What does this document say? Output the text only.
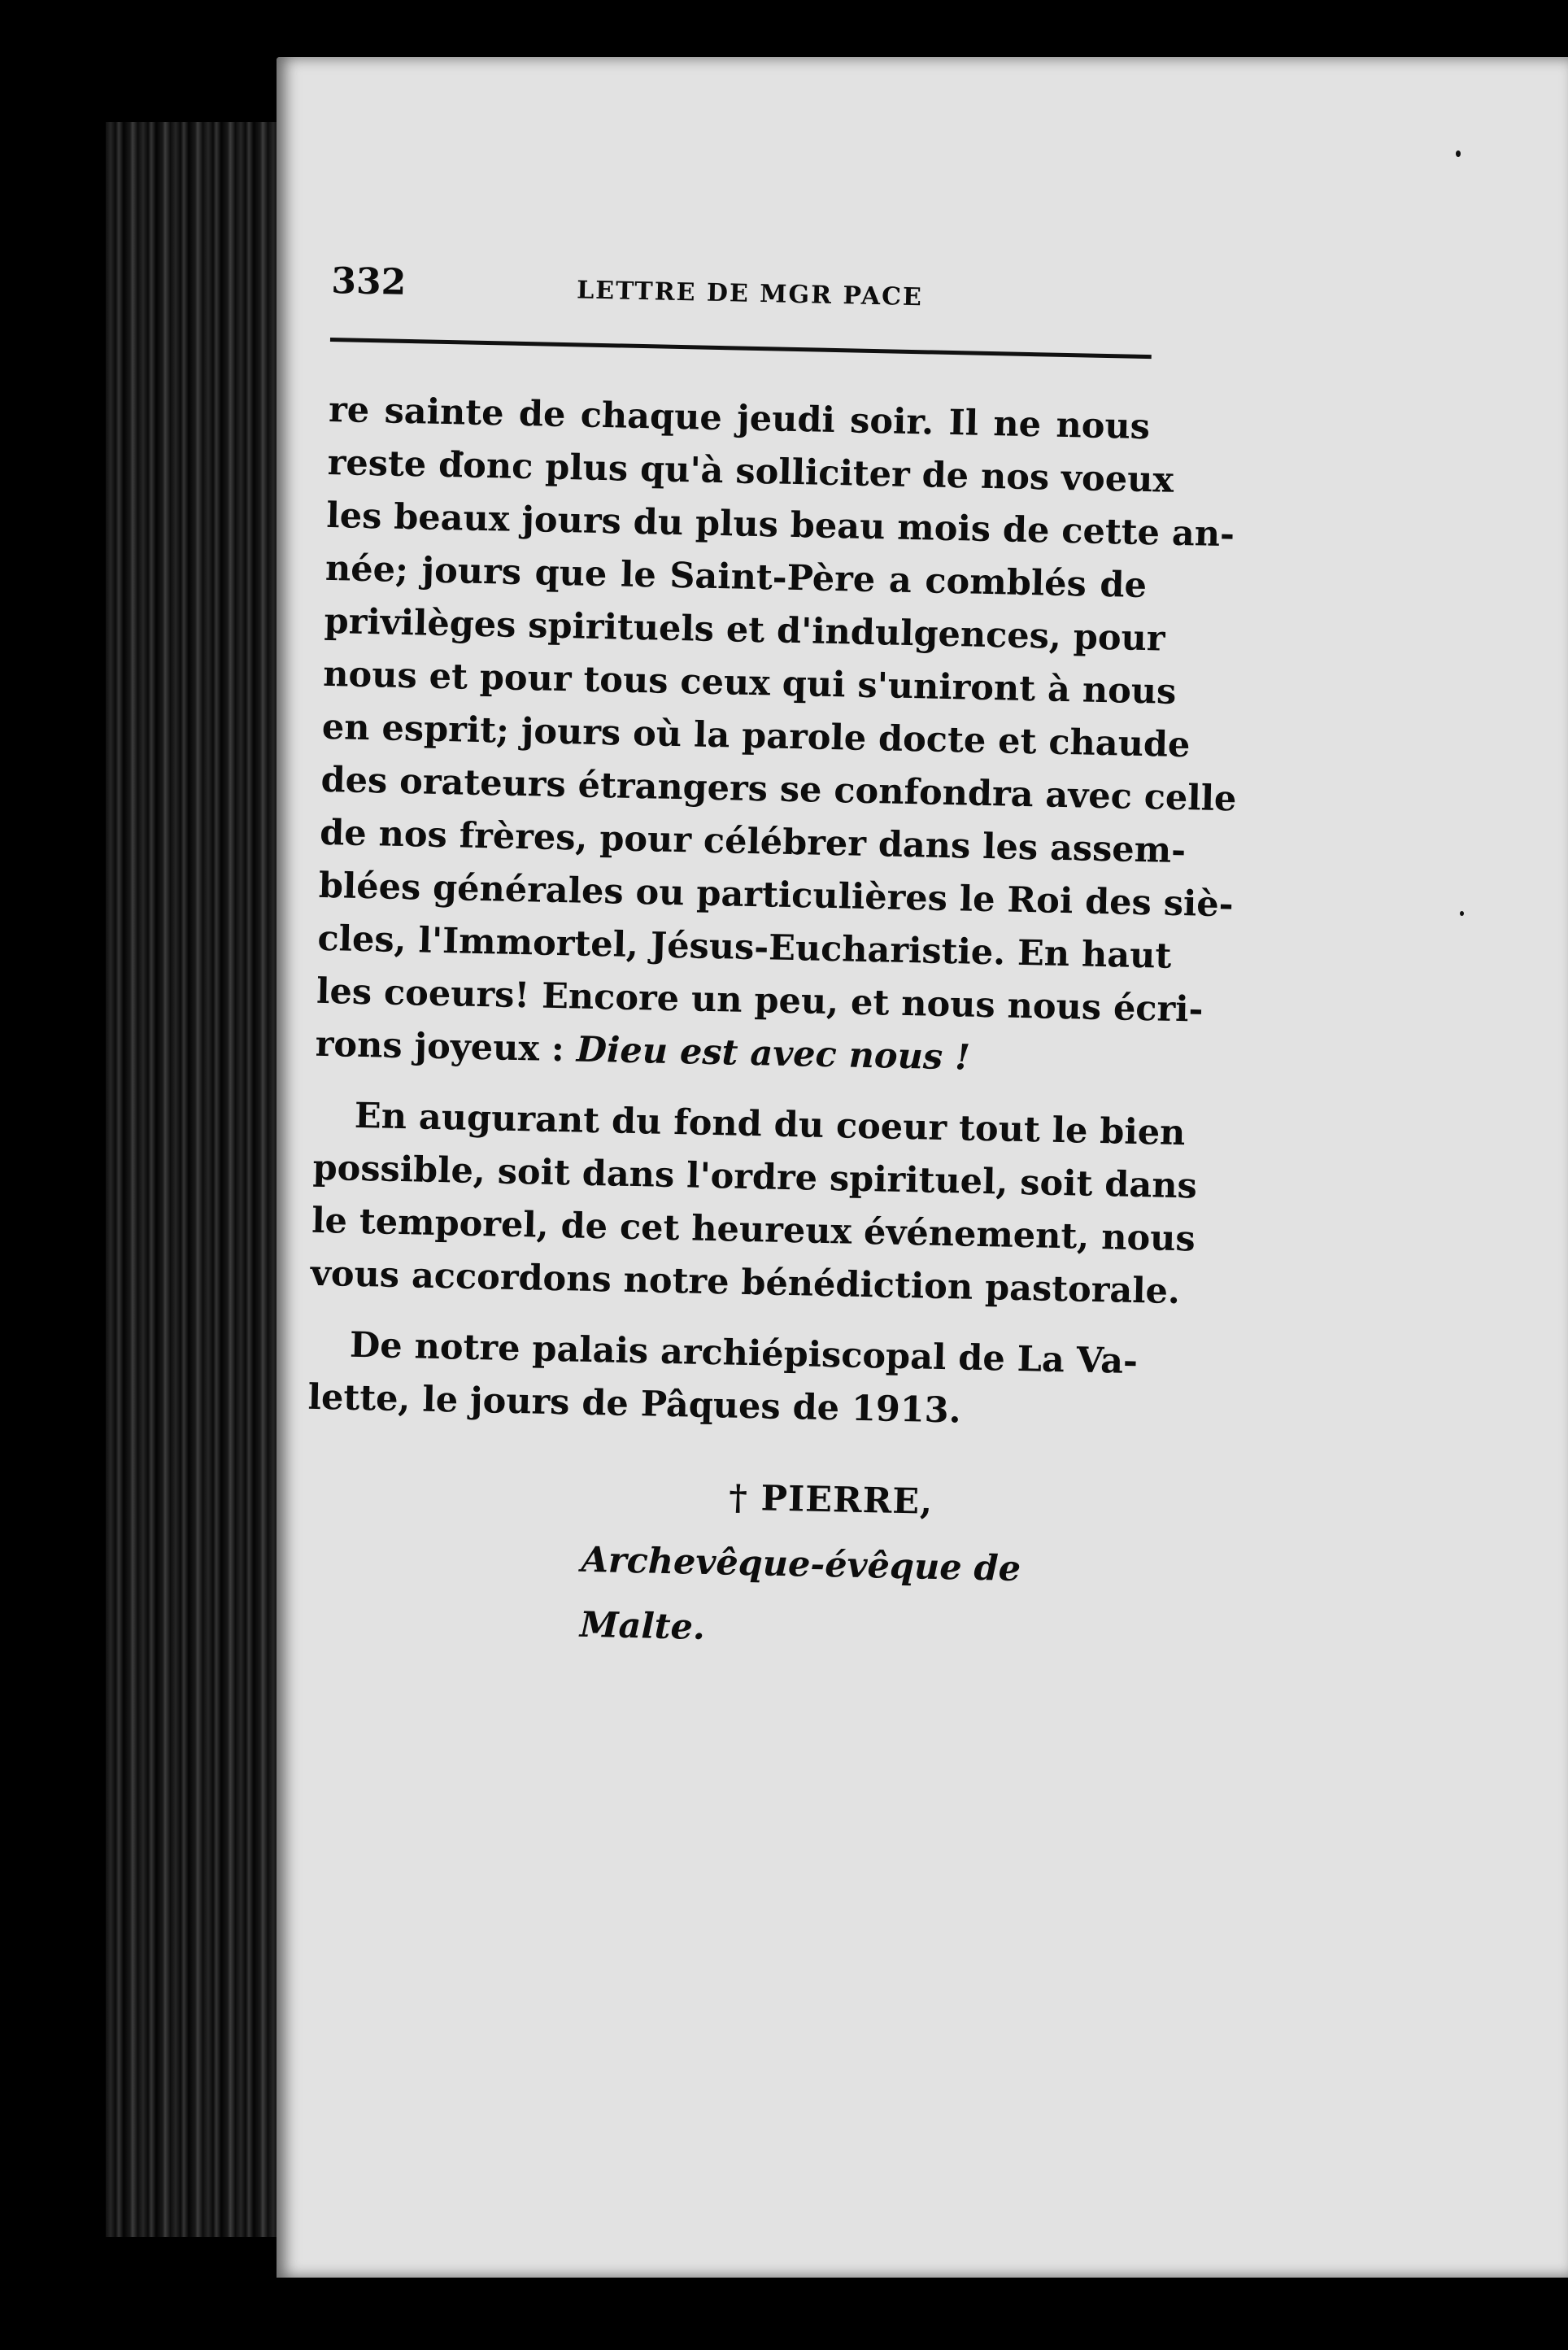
332	LETTRE DE MGR PACE

re sainte de chaque jeudi soir. Il ne nous
reste donc plus qu'à solliciter de nos voeux
les beaux jours du plus beau mois de cette an-
née; jours que le Saint-Père a comblés de
privilèges spirituels et d'indulgences, pour
nous et pour tous ceux qui s'uniront à nous
en esprit; jours où la parole docte et chaude
des orateurs étrangers se confondra avec celle
de nos frères, pour célébrer dans les assem-
blées générales ou particulières le Roi des siè-
cles, l'Immortel, Jésus-Eucharistie. En haut
les coeurs! Encore un peu, et nous nous écri-
rons joyeux : Dieu est avec nous !

En augurant du fond du coeur tout le bien
possible, soit dans l'ordre spirituel, soit dans
le temporel, de cet heureux événement, nous
vous accordons notre bénédiction pastorale.

De notre palais archiépiscopal de La Va-
lette, le jours de Pâques de 1913.

† PIERRE,
Archevêque-évêque de Malte.
